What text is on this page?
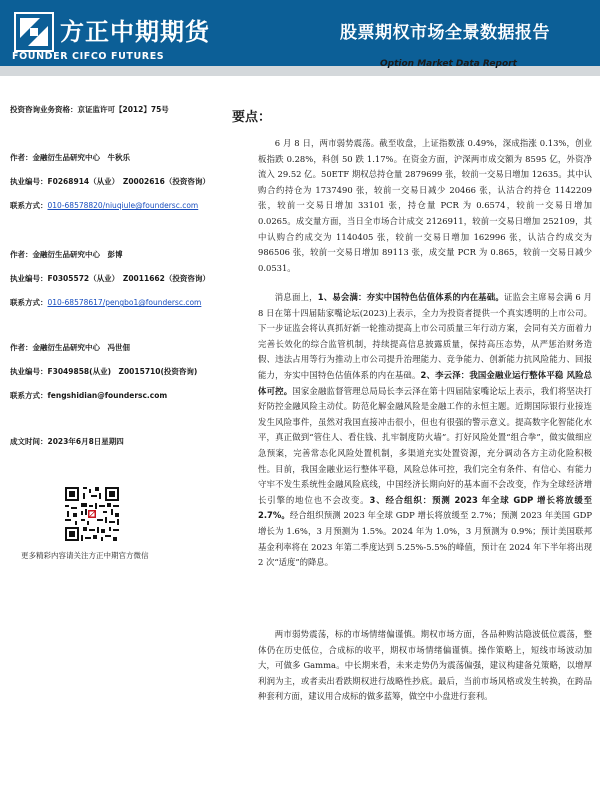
方正中期期货
FOUNDER CIFCO FUTURES
股票期权市场全景数据报告
Option Market Data Report
投资咨询业务资格：京证监许可【2012】75号
作者：金融衍生品研究中心　牛秋乐
执业编号：F0268914（从业）　Z0002616（投资咨询）
联系方式：010-68578820/niuqiule@foundersc.com
作者：金融衍生品研究中心　彭博
执业编号：F0305572（从业）　Z0011662（投资咨询）
联系方式：010-68578617/pengbo1@foundersc.com
作者：金融衍生品研究中心　冯世佃
执业编号：F3049858(从业)　Z0015710(投资咨询)
联系方式：fengshidian@foundersc.com
成文时间：2023年6月8日星期四
更多精彩内容请关注方正中期官方微信
要点：

6 月 8 日，两市弱势震荡。截至收盘，上证指数涨 0.49%，深成指涨 0.13%，创业板指跌 0.28%，科创 50 跌 1.17%。在资金方面，沪深两市成交额为 8595 亿，外资净流入 29.52 亿。50ETF 期权总持仓量 2879699 张，较前一交易日增加 12635。其中认购合约持仓为 1737490 张，较前一交易日减少 20466 张，认沽合约持仓 1142209 张，较前一交易日增加 33101 张，持仓量 PCR 为 0.6574，较前一交易日增加 0.0265。成交量方面，当日全市场合计成交 2126911，较前一交易日增加 252109，其中认购合约成交为 1140405 张，较前一交易日增加 162996 张，认沽合约成交为 986506 张，较前一交易日增加 89113 张，成交量 PCR 为 0.865，较前一交易日减少 0.0531。

消息面上，1、易会满：夯实中国特色估值体系的内在基础。证监会主席易会满 6 月 8 日在第十四届陆家嘴论坛(2023)上表示，全力为投资者提供一个真实透明的上市公司。下一步证监会将认真抓好新一轮推动提高上市公司质量三年行动方案，会同有关方面着力完善长效化的综合监管机制，持续提高信息披露质量，保持高压态势，从严惩治财务造假、违法占用等行为推动上市公司提升治理能力、竞争能力、创新能力抗风险能力、回报能力，夯实中国特色估值体系的内在基础。2、李云泽：我国金融业运行整体平稳 风险总体可控。国家金融监督管理总局局长李云泽在第十四届陆家嘴论坛上表示，我们将坚决打好防控金融风险主动仗。防范化解金融风险是金融工作的永恒主题。近期国际银行业接连发生风险事件，虽然对我国直接冲击很小，但也有很强的警示意义。提高数字化智能化水平，真正做到“管住人、看住钱、扎牢制度防火墙”。打好风险处置“组合拳”，做实做细应急预案，完善常态化风险处置机制，多渠道充实处置资源，充分调动各方主动化险积极性。目前，我国金融业运行整体平稳，风险总体可控，我们完全有条件、有信心、有能力守牢不发生系统性金融风险底线，中国经济长期向好的基本面不会改变，作为全球经济增长引擎的地位也不会改变。3、经合组织：预测 2023 年全球 GDP 增长将放缓至 2.7%。经合组织预测 2023 年全球 GDP 增长将放缓至 2.7%；预测 2023 年美国 GDP 增长为 1.6%，3 月预测为 1.5%。2024 年为 1.0%，3 月预测为 0.9%；预计美国联邦基金利率将在 2023 年第二季度达到 5.25%-5.5%的峰值，预计在 2024 年下半年将出现 2 次“适度”的降息。

两市弱势震荡，标的市场情绪偏谨慎。期权市场方面，各品种购沽隐波低位震荡，整体仍在历史低位，合成标的收平，期权市场情绪偏谨慎。操作策略上，短线市场波动加大，可做多 Gamma。中长期来看，未来走势仍为震荡偏强，建议构建备兑策略，以增厚利润为主，或者卖出看跌期权进行战略性抄底。最后，当前市场风格或发生转换，在跨品种套利方面，建议用合成标的做多蓝筹，做空中小盘进行套利。
